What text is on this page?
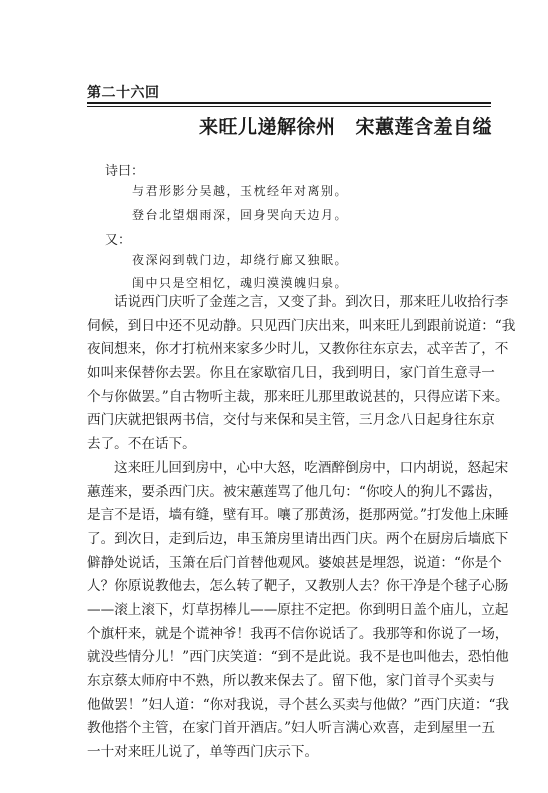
第二十六回
来旺儿递解徐州 宋蕙莲含羞自缢
诗曰：
与君形影分吴越，玉枕经年对离别。
登台北望烟雨深，回身哭向天边月。
又：
夜深闷到戟门边，却绕行廊又独眠。
闺中只是空相忆，魂归漠漠魄归泉。
话说西门庆听了金莲之言，又变了卦。到次日，那来旺儿收拾行李
伺候，到日中还不见动静。只见西门庆出来，叫来旺儿到跟前说道：“我
夜间想来，你才打杭州来家多少时儿，又教你往东京去，忒辛苦了，不
如叫来保替你去罢。你且在家歇宿几日，我到明日，家门首生意寻一
个与你做罢。”自古物听主裁，那来旺儿那里敢说甚的，只得应诺下来。
西门庆就把银两书信，交付与来保和吴主管，三月念八日起身往东京
去了。不在话下。
这来旺儿回到房中，心中大怒，吃酒醉倒房中，口内胡说，怒起宋
蕙莲来，要杀西门庆。被宋蕙莲骂了他几句：“你咬人的狗儿不露齿，
是言不是语，墙有缝，壁有耳。嚷了那黄汤，挺那两觉。”打发他上床睡
了。到次日，走到后边，串玉箫房里请出西门庆。两个在厨房后墙底下
僻静处说话，玉箫在后门首替他观风。婆娘甚是埋怨，说道：“你是个
人？你原说教他去，怎么转了靶子，又教别人去？你干净是个毬子心肠
——滚上滚下，灯草拐棒儿——原拄不定把。你到明日盖个庙儿，立起
个旗杆来，就是个谎神爷！我再不信你说话了。我那等和你说了一场，
就没些情分儿！”西门庆笑道：“到不是此说。我不是也叫他去，恐怕他
东京蔡太师府中不熟，所以教来保去了。留下他，家门首寻个买卖与
他做罢！”妇人道：“你对我说，寻个甚么买卖与他做？”西门庆道：“我
教他搭个主管，在家门首开酒店。”妇人听言满心欢喜，走到屋里一五
一十对来旺儿说了，单等西门庆示下。
